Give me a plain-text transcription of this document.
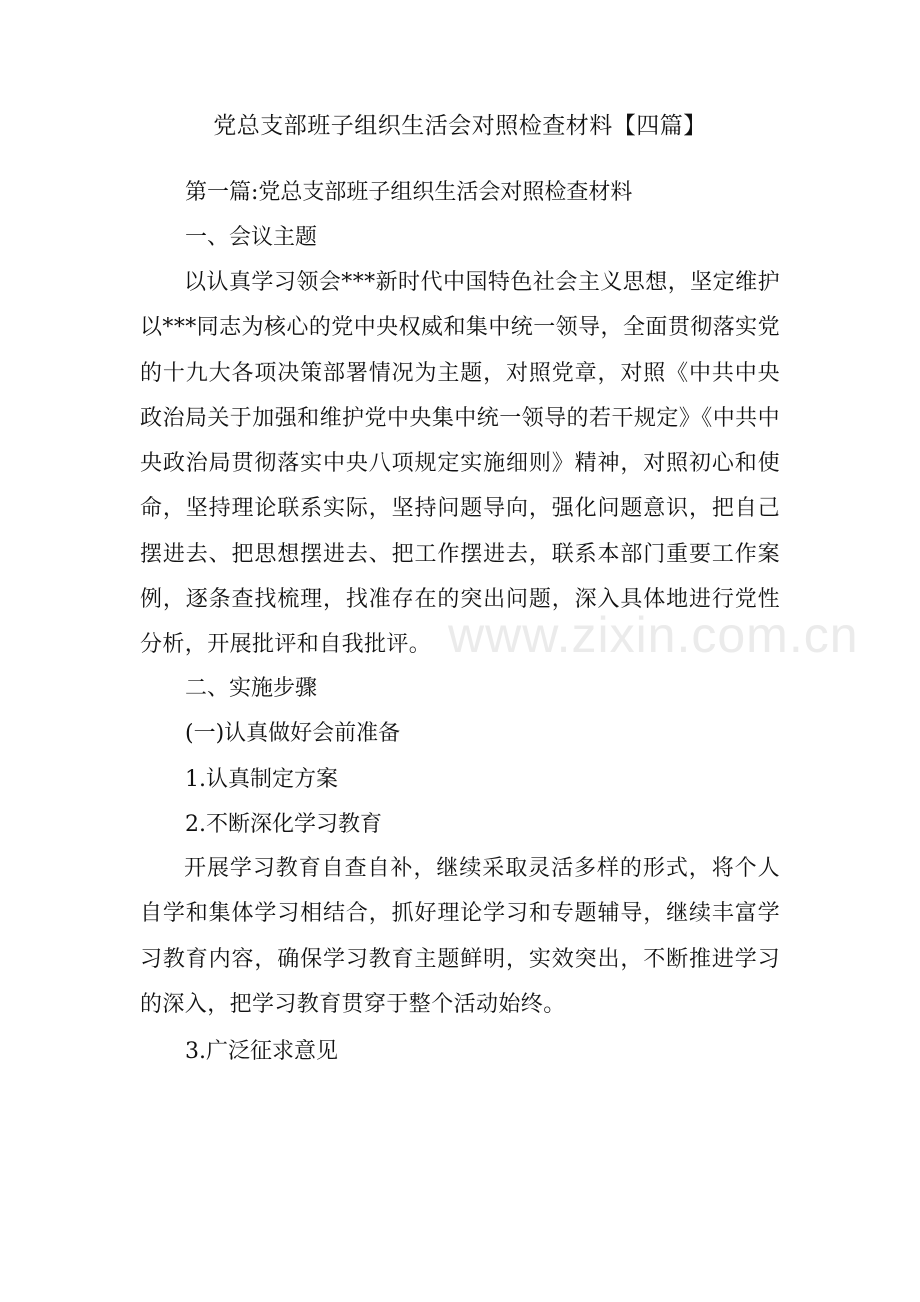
www.zixin.com.cn
党总支部班子组织生活会对照检查材料【四篇】
第一篇:党总支部班子组织生活会对照检查材料
一、会议主题
以认真学习领会***新时代中国特色社会主义思想，坚定维护以***同志为核心的党中央权威和集中统一领导，全面贯彻落实党的十九大各项决策部署情况为主题，对照党章，对照《中共中央政治局关于加强和维护党中央集中统一领导的若干规定》《中共中央政治局贯彻落实中央八项规定实施细则》精神，对照初心和使命，坚持理论联系实际，坚持问题导向，强化问题意识，把自己摆进去、把思想摆进去、把工作摆进去，联系本部门重要工作案例，逐条查找梳理，找准存在的突出问题，深入具体地进行党性分析，开展批评和自我批评。
二、实施步骤
(一)认真做好会前准备
1.认真制定方案
2.不断深化学习教育
开展学习教育自查自补，继续采取灵活多样的形式，将个人自学和集体学习相结合，抓好理论学习和专题辅导，继续丰富学习教育内容，确保学习教育主题鲜明，实效突出，不断推进学习的深入，把学习教育贯穿于整个活动始终。
3.广泛征求意见
